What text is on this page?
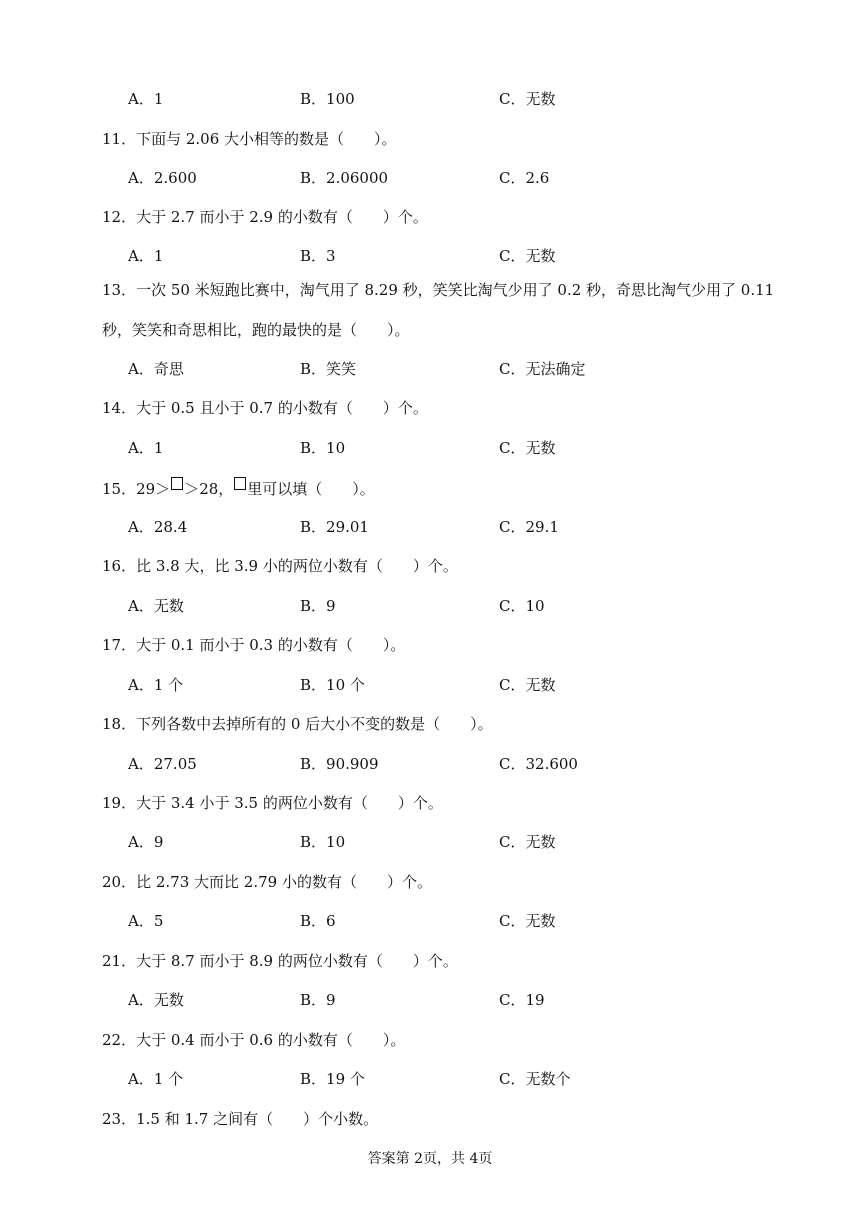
A．1	B．100	C．无数
11．下面与 2.06 大小相等的数是（　　）。
A．2.600	B．2.06000	C．2.6
12．大于 2.7 而小于 2.9 的小数有（　　）个。
A．1	B．3	C．无数
13．一次 50 米短跑比赛中，淘气用了 8.29 秒，笑笑比淘气少用了 0.2 秒，奇思比淘气少用了 0.11
秒，笑笑和奇思相比，跑的最快的是（　　）。
A．奇思	B．笑笑	C．无法确定
14．大于 0.5 且小于 0.7 的小数有（　　）个。
A．1	B．10	C．无数
15．29＞ ＞28， 里可以填（　　）。
A．28.4	B．29.01	C．29.1
16．比 3.8 大，比 3.9 小的两位小数有（　　）个。
A．无数	B．9	C．10
17．大于 0.1 而小于 0.3 的小数有（　　）。
A．1 个	B．10 个	C．无数
18．下列各数中去掉所有的 0 后大小不变的数是（　　）。
A．27.05	B．90.909	C．32.600
19．大于 3.4 小于 3.5 的两位小数有（　　）个。
A．9	B．10	C．无数
20．比 2.73 大而比 2.79 小的数有（　　）个。
A．5	B．6	C．无数
21．大于 8.7 而小于 8.9 的两位小数有（　　）个。
A．无数	B．9	C．19
22．大于 0.4 而小于 0.6 的小数有（　　）。
A．1 个	B．19 个	C．无数个
23．1.5 和 1.7 之间有（　　）个小数。
答案第 2页，共 4页
